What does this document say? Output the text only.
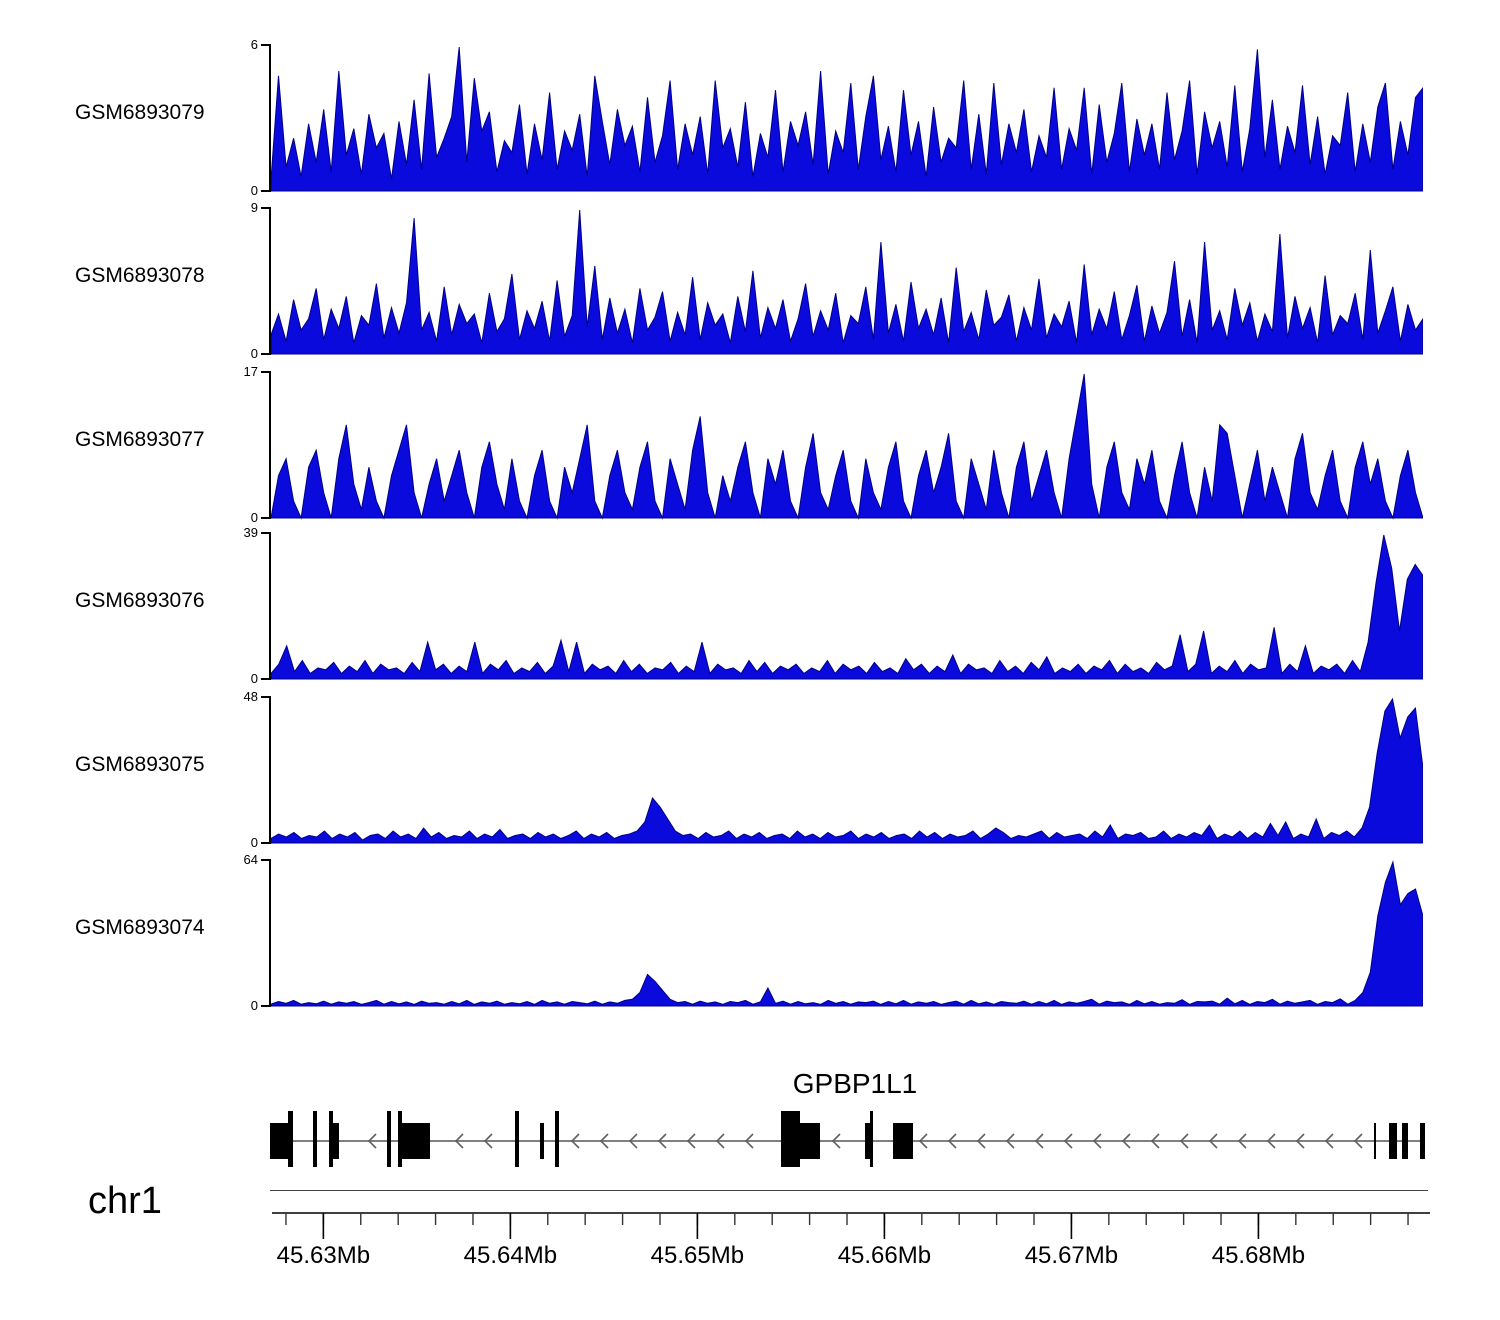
GSM6893079
6
0
GSM6893078
9
0
GSM6893077
17
0
GSM6893076
39
0
GSM6893075
48
0
GSM6893074
64
0
GPBP1L1
chr1
45.63Mb	45.64Mb	45.65Mb	45.66Mb	45.67Mb	45.68Mb
